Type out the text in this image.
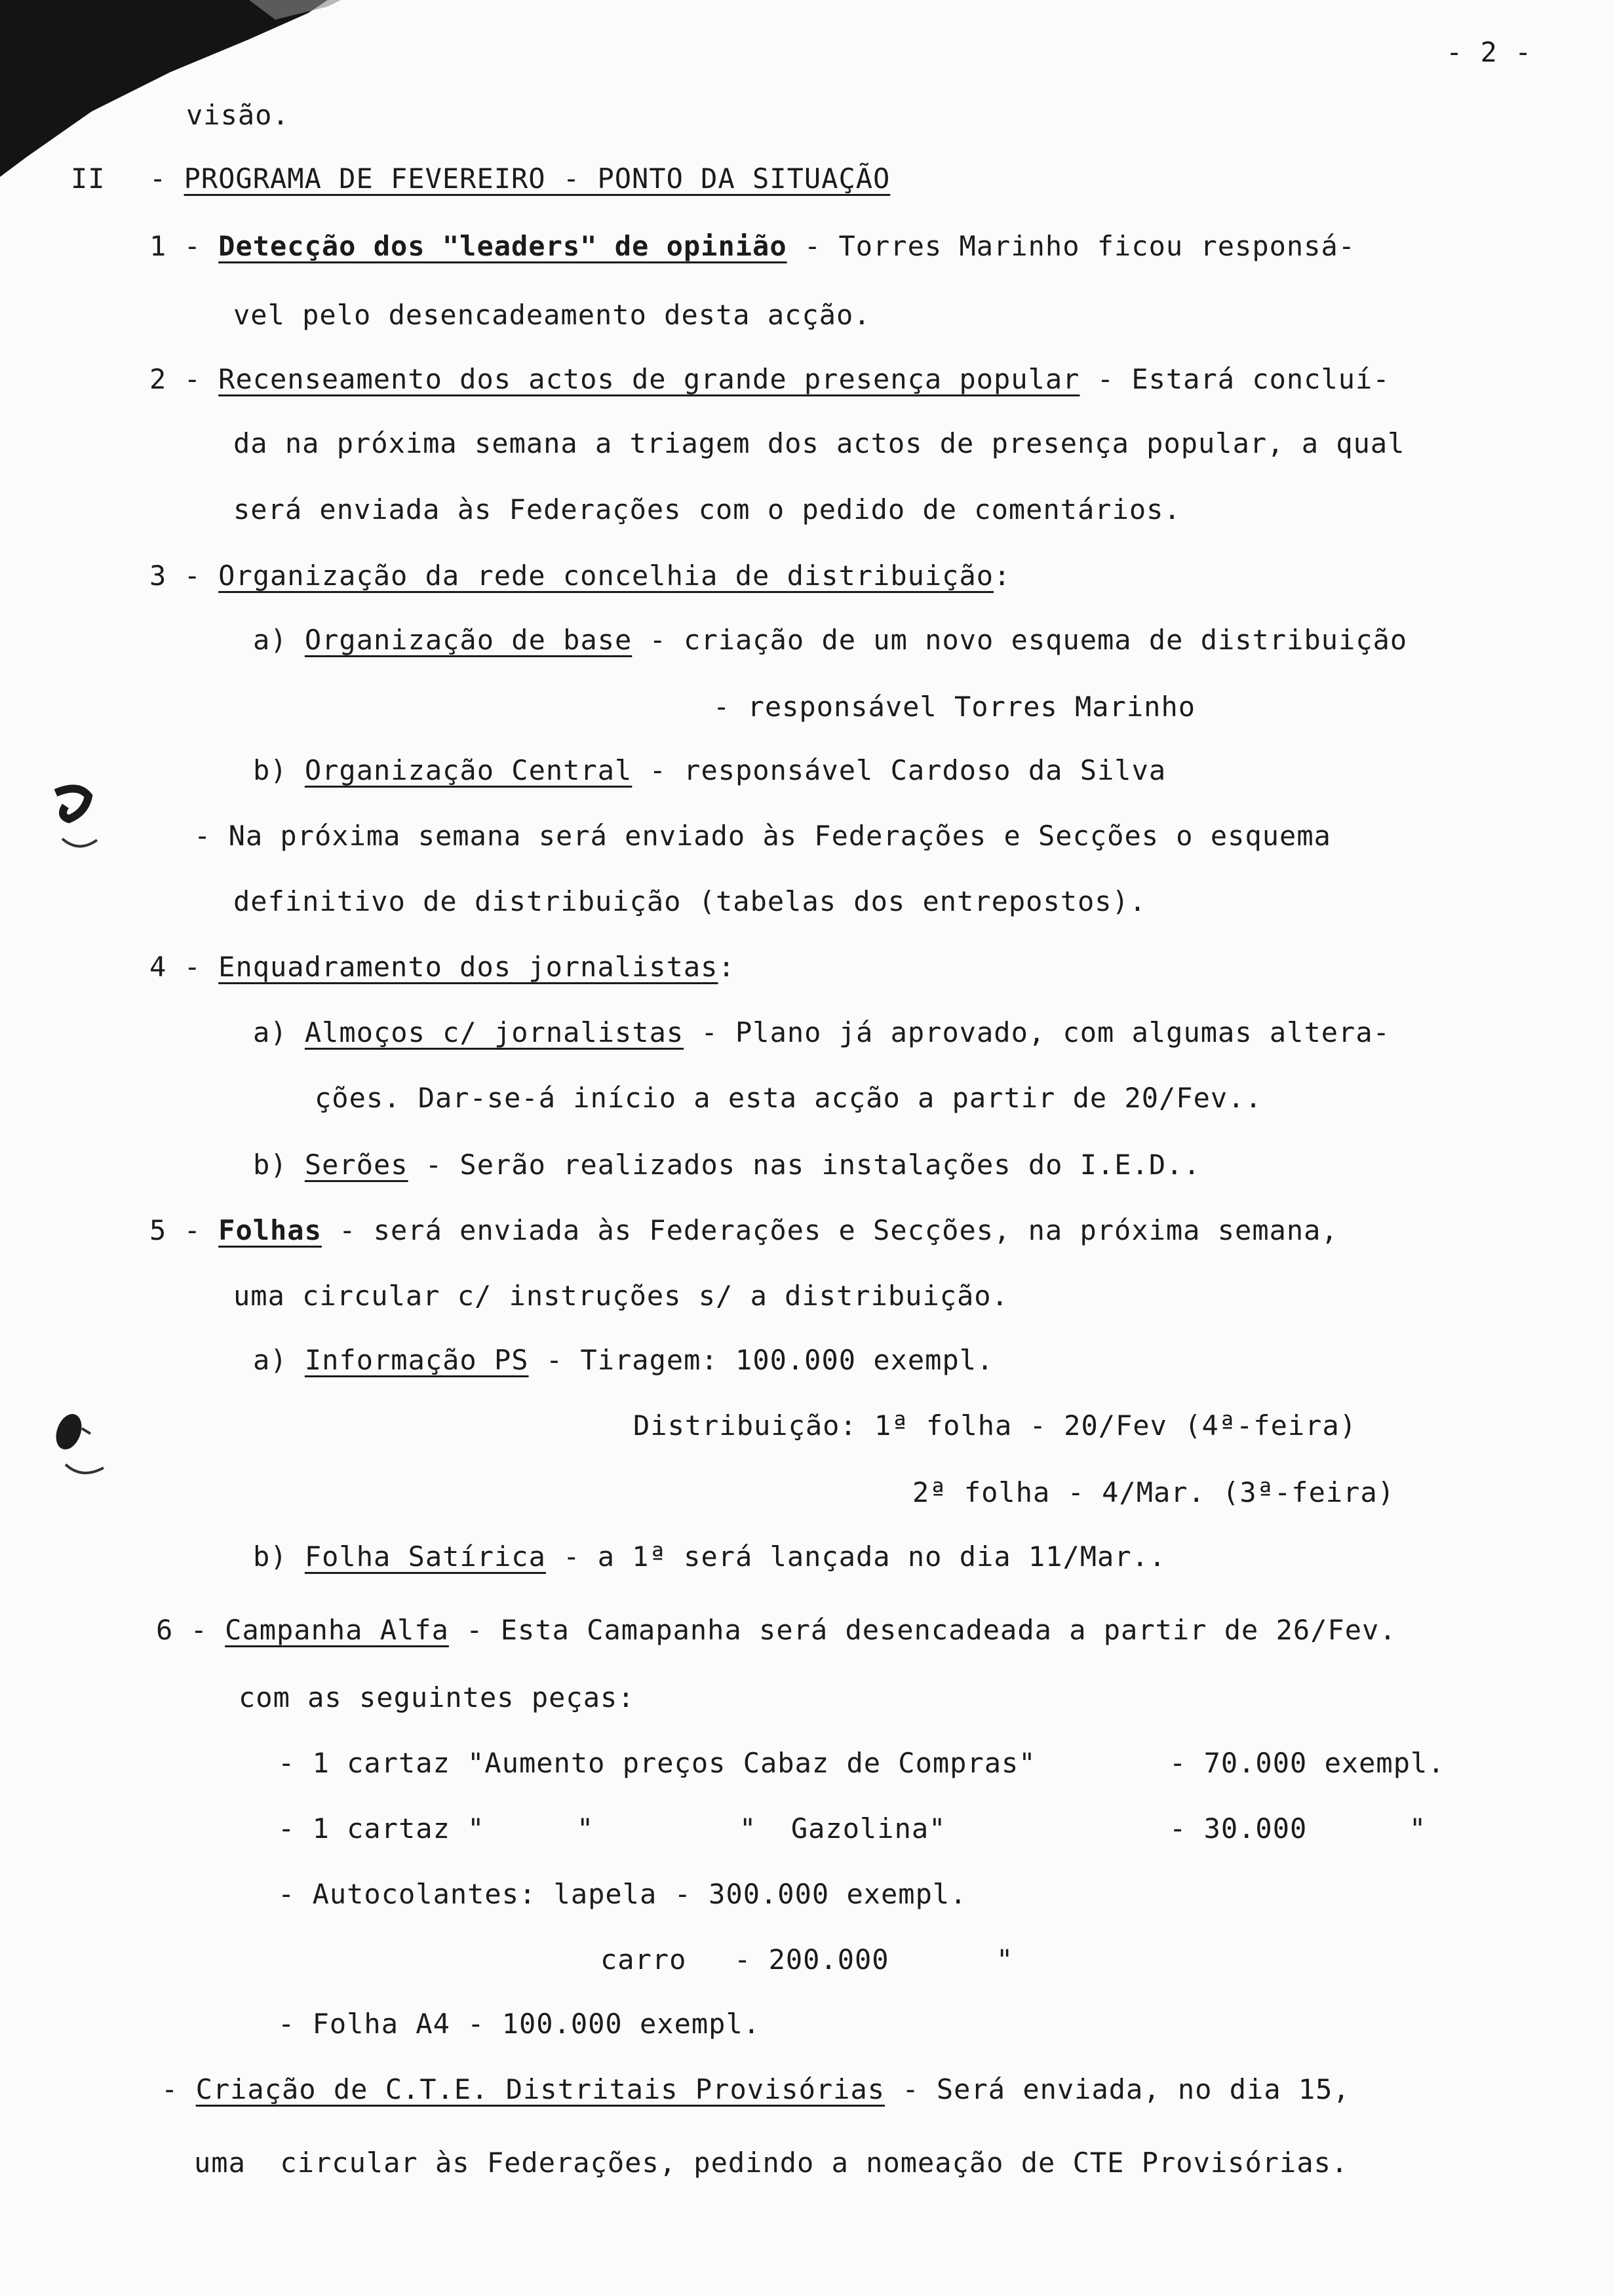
- 2 -
visão.
II - PROGRAMA DE FEVEREIRO - PONTO DA SITUAÇÃO
1 - Detecção dos "leaders" de opinião - Torres Marinho ficou responsá-
vel pelo desencadeamento desta acção.
2 - Recenseamento dos actos de grande presença popular - Estará concluí-
da na próxima semana a triagem dos actos de presença popular, a qual
será enviada às Federações com o pedido de comentários.
3 - Organização da rede concelhia de distribuição:
a) Organização de base - criação de um novo esquema de distribuição
- responsável Torres Marinho
b) Organização Central - responsável Cardoso da Silva
- Na próxima semana será enviado às Federações e Secções o esquema
definitivo de distribuição (tabelas dos entrepostos).
4 - Enquadramento dos jornalistas:
a) Almoços c/ jornalistas - Plano já aprovado, com algumas altera-
ções. Dar-se-á início a esta acção a partir de 20/Fev..
b) Serões - Serão realizados nas instalações do I.E.D..
5 - Folhas - será enviada às Federações e Secções, na próxima semana,
uma circular c/ instruções s/ a distribuição.
a) Informação PS - Tiragem: 100.000 exempl.
Distribuição: 1ª folha - 20/Fev (4ª-feira)
2ª folha - 4/Mar. (3ª-feira)
b) Folha Satírica - a 1ª será lançada no dia 11/Mar..
6 - Campanha Alfa - Esta Camapanha será desencadeada a partir de 26/Fev.
com as seguintes peças:
- 1 cartaz "Aumento preços Cabaz de Compras"	- 70.000 exempl.
- 1 cartaz "	"	"  Gazolina"	- 30.000	"
- Autocolantes: lapela - 300.000 exempl.
carro - 200.000	"
- Folha A4 - 100.000 exempl.
- Criação de C.T.E. Distritais Provisórias - Será enviada, no dia 15,
uma  circular às Federações, pedindo a nomeação de CTE Provisórias.
